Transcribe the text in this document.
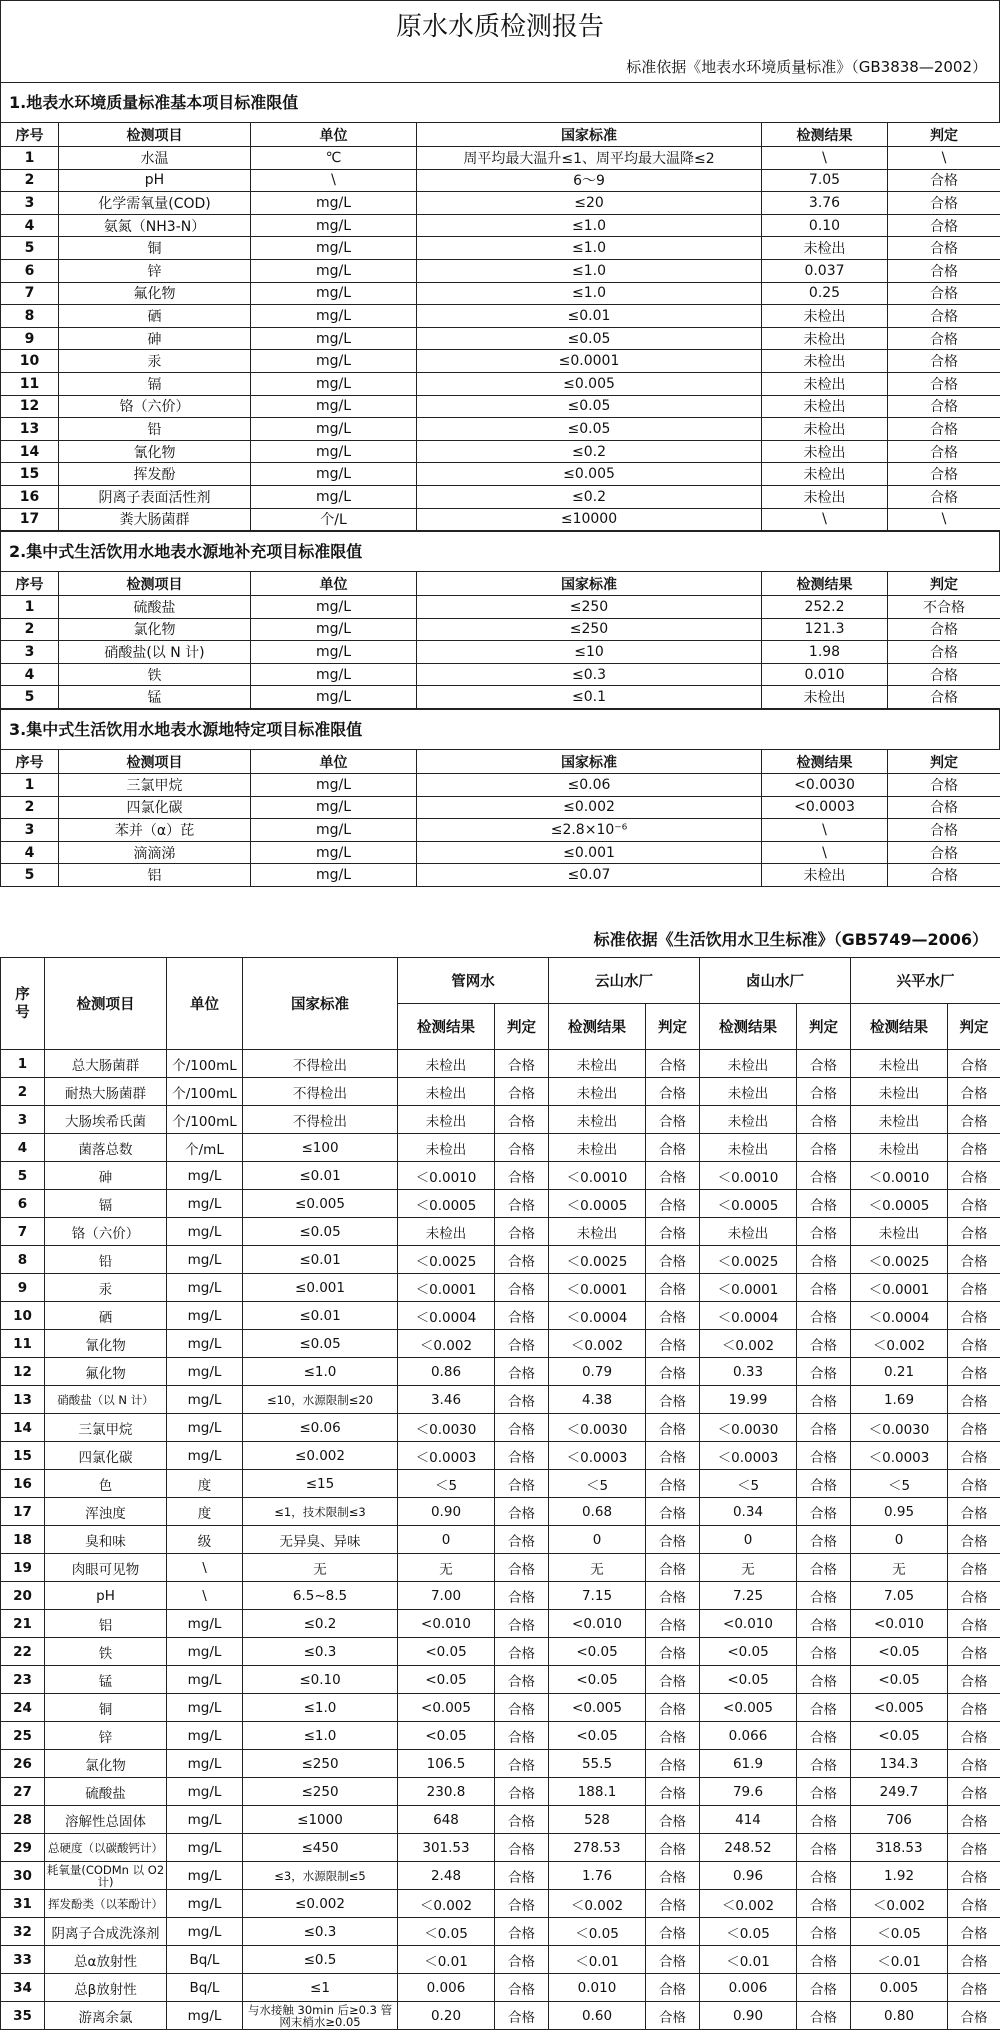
原水水质检测报告
标准依据《地表水环境质量标准》（GB3838—2002）
1.地表水环境质量标准基本项目标准限值
序号	检测项目	单位	国家标准	检测结果	判定
1	水温	℃	周平均最大温升≤1、周平均最大温降≤2	\	\
2	pH	\	6～9	7.05	合格
3	化学需氧量(COD)	mg/L	≤20	3.76	合格
4	氨氮（NH3-N）	mg/L	≤1.0	0.10	合格
5	铜	mg/L	≤1.0	未检出	合格
6	锌	mg/L	≤1.0	0.037	合格
7	氟化物	mg/L	≤1.0	0.25	合格
8	硒	mg/L	≤0.01	未检出	合格
9	砷	mg/L	≤0.05	未检出	合格
10	汞	mg/L	≤0.0001	未检出	合格
11	镉	mg/L	≤0.005	未检出	合格
12	铬（六价）	mg/L	≤0.05	未检出	合格
13	铅	mg/L	≤0.05	未检出	合格
14	氰化物	mg/L	≤0.2	未检出	合格
15	挥发酚	mg/L	≤0.005	未检出	合格
16	阴离子表面活性剂	mg/L	≤0.2	未检出	合格
17	粪大肠菌群	个/L	≤10000	\	\
2.集中式生活饮用水地表水源地补充项目标准限值
序号	检测项目	单位	国家标准	检测结果	判定
1	硫酸盐	mg/L	≤250	252.2	不合格
2	氯化物	mg/L	≤250	121.3	合格
3	硝酸盐(以 N 计)	mg/L	≤10	1.98	合格
4	铁	mg/L	≤0.3	0.010	合格
5	锰	mg/L	≤0.1	未检出	合格
3.集中式生活饮用水地表水源地特定项目标准限值
序号	检测项目	单位	国家标准	检测结果	判定
1	三氯甲烷	mg/L	≤0.06	<0.0030	合格
2	四氯化碳	mg/L	≤0.002	<0.0003	合格
3	苯并（α）芘	mg/L	≤2.8×10⁻⁶	\	合格
4	滴滴涕	mg/L	≤0.001	\	合格
5	铝	mg/L	≤0.07	未检出	合格
标准依据《生活饮用水卫生标准》（GB5749—2006）
序号	检测项目	单位	国家标准	管网水		云山水厂		卤山水厂		兴平水厂	
				检测结果	判定	检测结果	判定	检测结果	判定	检测结果	判定
1	总大肠菌群	个/100mL	不得检出	未检出	合格	未检出	合格	未检出	合格	未检出	合格
2	耐热大肠菌群	个/100mL	不得检出	未检出	合格	未检出	合格	未检出	合格	未检出	合格
3	大肠埃希氏菌	个/100mL	不得检出	未检出	合格	未检出	合格	未检出	合格	未检出	合格
4	菌落总数	个/mL	≤100	未检出	合格	未检出	合格	未检出	合格	未检出	合格
5	砷	mg/L	≤0.01	＜0.0010	合格	＜0.0010	合格	＜0.0010	合格	＜0.0010	合格
6	镉	mg/L	≤0.005	＜0.0005	合格	＜0.0005	合格	＜0.0005	合格	＜0.0005	合格
7	铬（六价）	mg/L	≤0.05	未检出	合格	未检出	合格	未检出	合格	未检出	合格
8	铅	mg/L	≤0.01	＜0.0025	合格	＜0.0025	合格	＜0.0025	合格	＜0.0025	合格
9	汞	mg/L	≤0.001	＜0.0001	合格	＜0.0001	合格	＜0.0001	合格	＜0.0001	合格
10	硒	mg/L	≤0.01	＜0.0004	合格	＜0.0004	合格	＜0.0004	合格	＜0.0004	合格
11	氰化物	mg/L	≤0.05	＜0.002	合格	＜0.002	合格	＜0.002	合格	＜0.002	合格
12	氟化物	mg/L	≤1.0	0.86	合格	0.79	合格	0.33	合格	0.21	合格
13	硝酸盐（以 N 计）	mg/L	≤10，水源限制≤20	3.46	合格	4.38	合格	19.99	合格	1.69	合格
14	三氯甲烷	mg/L	≤0.06	＜0.0030	合格	＜0.0030	合格	＜0.0030	合格	＜0.0030	合格
15	四氯化碳	mg/L	≤0.002	＜0.0003	合格	＜0.0003	合格	＜0.0003	合格	＜0.0003	合格
16	色	度	≤15	＜5	合格	＜5	合格	＜5	合格	＜5	合格
17	浑浊度	度	≤1，技术限制≤3	0.90	合格	0.68	合格	0.34	合格	0.95	合格
18	臭和味	级	无异臭、异味	0	合格	0	合格	0	合格	0	合格
19	肉眼可见物	\	无	无	合格	无	合格	无	合格	无	合格
20	pH	\	6.5~8.5	7.00	合格	7.15	合格	7.25	合格	7.05	合格
21	铝	mg/L	≤0.2	<0.010	合格	<0.010	合格	<0.010	合格	<0.010	合格
22	铁	mg/L	≤0.3	<0.05	合格	<0.05	合格	<0.05	合格	<0.05	合格
23	锰	mg/L	≤0.10	<0.05	合格	<0.05	合格	<0.05	合格	<0.05	合格
24	铜	mg/L	≤1.0	<0.005	合格	<0.005	合格	<0.005	合格	<0.005	合格
25	锌	mg/L	≤1.0	<0.05	合格	<0.05	合格	0.066	合格	<0.05	合格
26	氯化物	mg/L	≤250	106.5	合格	55.5	合格	61.9	合格	134.3	合格
27	硫酸盐	mg/L	≤250	230.8	合格	188.1	合格	79.6	合格	249.7	合格
28	溶解性总固体	mg/L	≤1000	648	合格	528	合格	414	合格	706	合格
29	总硬度（以碳酸钙计）	mg/L	≤450	301.53	合格	278.53	合格	248.52	合格	318.53	合格
30	耗氧量(CODMn 以 O2 计)	mg/L	≤3，水源限制≤5	2.48	合格	1.76	合格	0.96	合格	1.92	合格
31	挥发酚类（以苯酚计）	mg/L	≤0.002	＜0.002	合格	＜0.002	合格	＜0.002	合格	＜0.002	合格
32	阴离子合成洗涤剂	mg/L	≤0.3	＜0.05	合格	＜0.05	合格	＜0.05	合格	＜0.05	合格
33	总α放射性	Bq/L	≤0.5	＜0.01	合格	＜0.01	合格	＜0.01	合格	＜0.01	合格
34	总β放射性	Bq/L	≤1	0.006	合格	0.010	合格	0.006	合格	0.005	合格
35	游离余氯	mg/L	与水接触 30min 后≥0.3 管网末梢水≥0.05	0.20	合格	0.60	合格	0.90	合格	0.80	合格
